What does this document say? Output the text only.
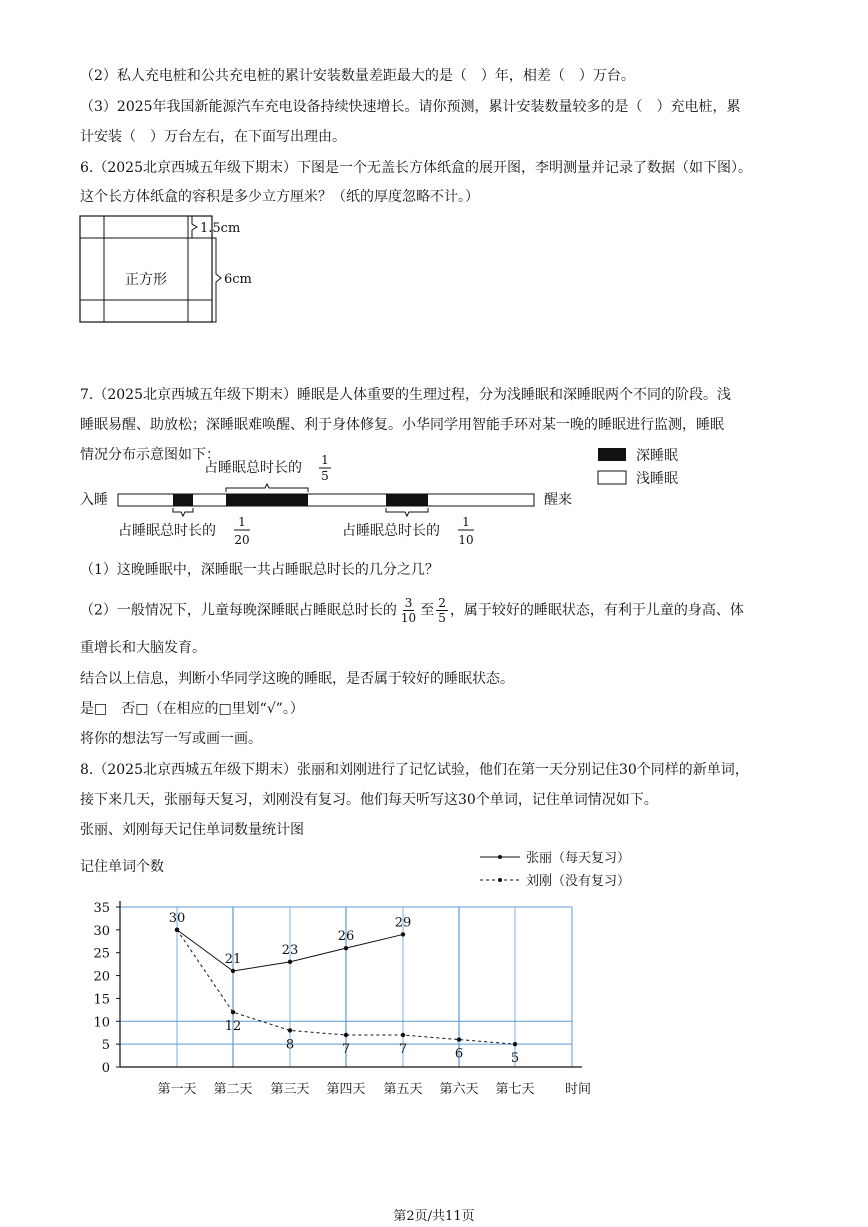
（2）私人充电桩和公共充电桩的累计安装数量差距最大的是（　）年，相差（　）万台。
（3）2025年我国新能源汽车充电设备持续快速增长。请你预测，累计安装数量较多的是（　）充电桩，累
计安装（　）万台左右，在下面写出理由。
6.（2025北京西城五年级下期末）下图是一个无盖长方体纸盒的展开图，李明测量并记录了数据（如下图）。
这个长方体纸盒的容积是多少立方厘米？（纸的厚度忽略不计。）
1.5cm
6cm
正方形
7.（2025北京西城五年级下期末）睡眠是人体重要的生理过程，分为浅睡眠和深睡眠两个不同的阶段。浅
睡眠易醒、助放松；深睡眠难唤醒、利于身体修复。小华同学用智能手环对某一晚的睡眠进行监测，睡眠
情况分布示意图如下：	深睡眠
浅睡眠
入睡	醒来
占睡眠总时长的 1
5
占睡眠总时长的
1
20
占睡眠总时长的
1
10
（1）这晚睡眠中，深睡眠一共占睡眠总时长的几分之几？
（2）一般情况下，儿童每晚深睡眠占睡眠总时长的 $\frac{3}{10}$ 至 $\frac{2}{5}$ ，属于较好的睡眠状态，有利于儿童的身高、体
重增长和大脑发育。
结合以上信息，判断小华同学这晚的睡眠，是否属于较好的睡眠状态。
是□　否□（在相应的□里划“√”。）
将你的想法写一写或画一画。
8.（2025北京西城五年级下期末）张丽和刘刚进行了记忆试验，他们在第一天分别记住30个同样的新单词，
接下来几天，张丽每天复习，刘刚没有复习。他们每天听写这30个单词，记住单词情况如下。
张丽、刘刚每天记住单词数量统计图
记住单词个数
张丽（每天复习）
刘刚（没有复习）
0
5
10
15
20
25
30
35
第一天 第二天 第三天 第四天 第五天 第六天 第七天 时间
30
21
23
26
29
12
8	7	7	6	5
第2页/共11页
